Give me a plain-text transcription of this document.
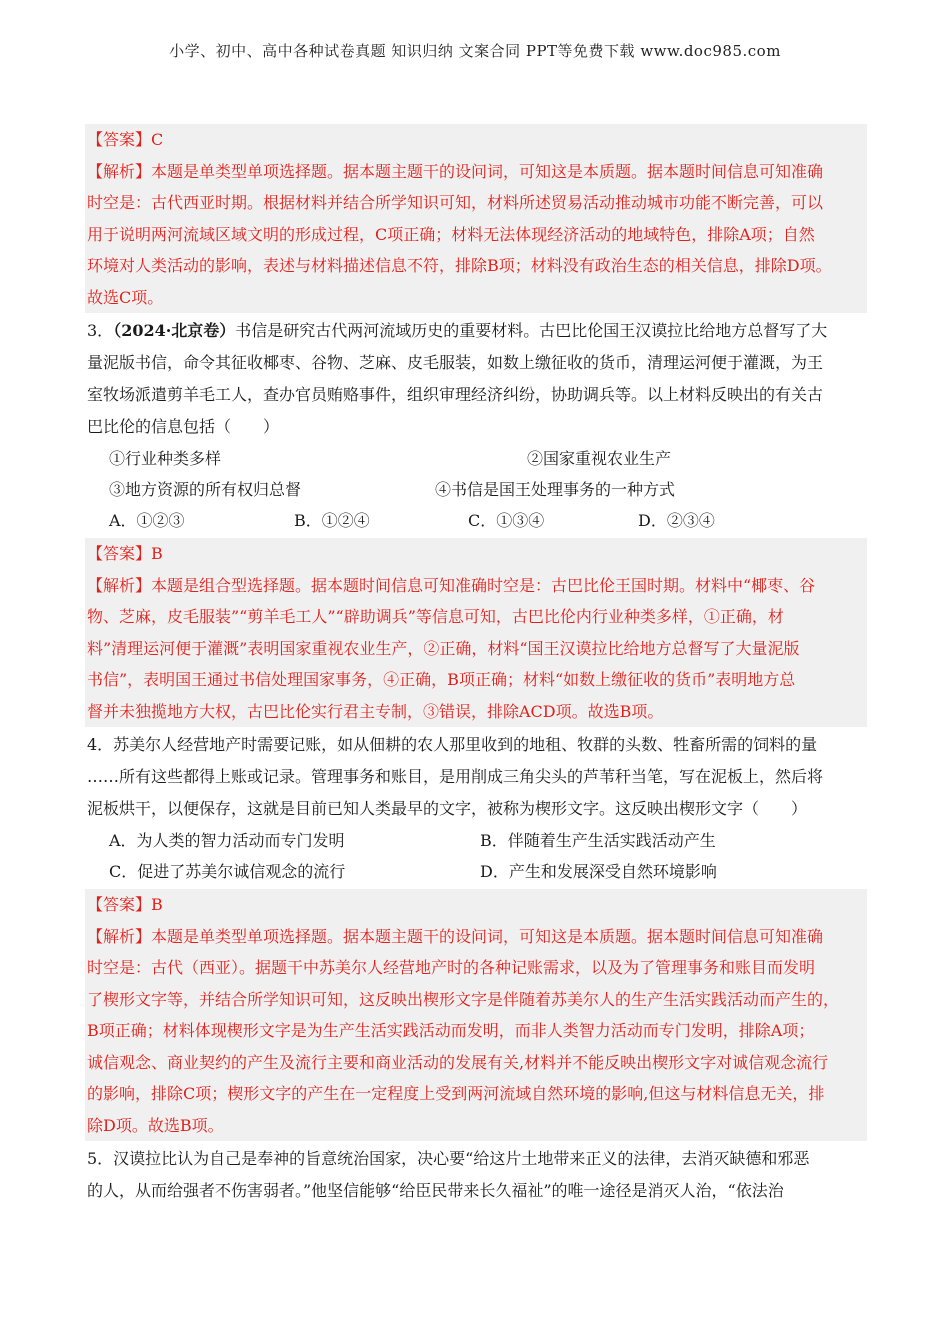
小学、初中、高中各种试卷真题 知识归纳 文案合同 PPT等免费下载 www.doc985.com

【答案】C

【解析】本题是单类型单项选择题。据本题主题干的设问词，可知这是本质题。据本题时间信息可知准确

时空是：古代西亚时期。根据材料并结合所学知识可知，材料所述贸易活动推动城市功能不断完善，可以

用于说明两河流域区域文明的形成过程，C项正确；材料无法体现经济活动的地域特色，排除A项；自然

环境对人类活动的影响，表述与材料描述信息不符，排除B项；材料没有政治生态的相关信息，排除D项。

故选C项。

3．（2024·北京卷）书信是研究古代两河流域历史的重要材料。古巴比伦国王汉谟拉比给地方总督写了大

量泥版书信，命令其征收椰枣、谷物、芝麻、皮毛服装，如数上缴征收的货币，清理运河便于灌溉，为王

室牧场派遣剪羊毛工人，查办官员贿赂事件，组织审理经济纠纷，协助调兵等。以上材料反映出的有关古

巴比伦的信息包括（　　）

①行业种类多样	②国家重视农业生产
③地方资源的所有权归总督	④书信是国王处理事务的一种方式
A．①②③	B．①②④	C．①③④	D．②③④

【答案】B

【解析】本题是组合型选择题。据本题时间信息可知准确时空是：古巴比伦王国时期。材料中“椰枣、谷

物、芝麻，皮毛服装”“剪羊毛工人”“辟助调兵”等信息可知，古巴比伦内行业种类多样，①正确，材

料”清理运河便于灌溉”表明国家重视农业生产，②正确，材料“国王汉谟拉比给地方总督写了大量泥版

书信”，表明国王通过书信处理国家事务，④正确，B项正确；材料“如数上缴征收的货币”表明地方总

督并未独揽地方大权，古巴比伦实行君主专制，③错误，排除ACD项。故选B项。

4．苏美尔人经营地产时需要记账，如从佃耕的农人那里收到的地租、牧群的头数、牲畜所需的饲料的量

……所有这些都得上账或记录。管理事务和账目，是用削成三角尖头的芦苇秆当笔，写在泥板上，然后将

泥板烘干，以便保存，这就是目前已知人类最早的文字，被称为楔形文字。这反映出楔形文字（　　）

A．为人类的智力活动而专门发明	B．伴随着生产生活实践活动产生
C．促进了苏美尔诚信观念的流行	D．产生和发展深受自然环境影响

【答案】B

【解析】本题是单类型单项选择题。据本题主题干的设问词，可知这是本质题。据本题时间信息可知准确

时空是：古代（西亚）。据题干中苏美尔人经营地产时的各种记账需求，以及为了管理事务和账目而发明

了楔形文字等，并结合所学知识可知，这反映出楔形文字是伴随着苏美尔人的生产生活实践活动而产生的，

B项正确；材料体现楔形文字是为生产生活实践活动而发明，而非人类智力活动而专门发明，排除A项；

诚信观念、商业契约的产生及流行主要和商业活动的发展有关,材料并不能反映出楔形文字对诚信观念流行

的影响，排除C项；楔形文字的产生在一定程度上受到两河流域自然环境的影响,但这与材料信息无关，排

除D项。故选B项。

5．汉谟拉比认为自己是奉神的旨意统治国家，决心要“给这片土地带来正义的法律，去消灭缺德和邪恶

的人，从而给强者不伤害弱者。”他坚信能够“给臣民带来长久福祉”的唯一途径是消灭人治，“依法治
